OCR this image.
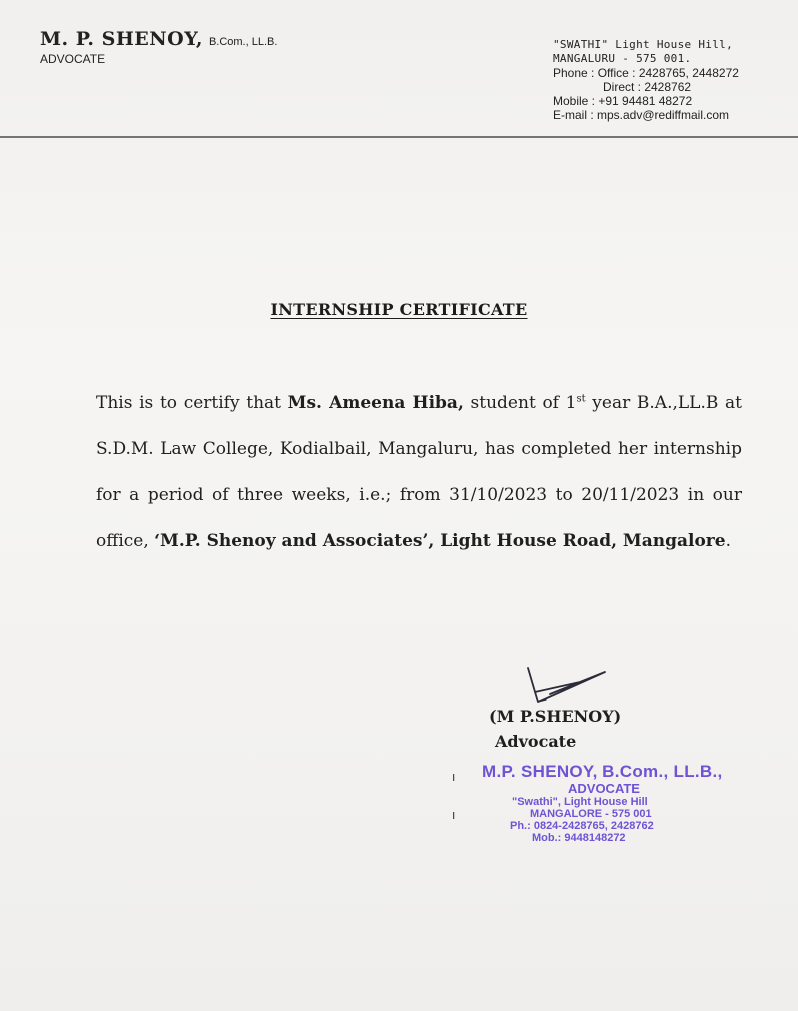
M. P. SHENOY, B.Com., LL.B.
ADVOCATE
"SWATHI" Light House Hill,
MANGALURU - 575 001.
Phone : Office : 2428765, 2448272
Direct : 2428762
Mobile : +91 94481 48272
E-mail : mps.adv@rediffmail.com
INTERNSHIP CERTIFICATE
This is to certify that Ms. Ameena Hiba, student of 1st year B.A.,LL.B at S.D.M. Law College, Kodialbail, Mangaluru, has completed her internship for a period of three weeks, i.e.; from 31/10/2023 to 20/11/2023 in our office, ‘M.P. Shenoy and Associates’, Light House Road, Mangalore.
(M P.SHENOY)
Advocate
ı
ı
M.P. SHENOY, B.Com., LL.B.,
ADVOCATE
"Swathi", Light House Hill
MANGALORE - 575 001
Ph.: 0824-2428765, 2428762
Mob.: 9448148272
